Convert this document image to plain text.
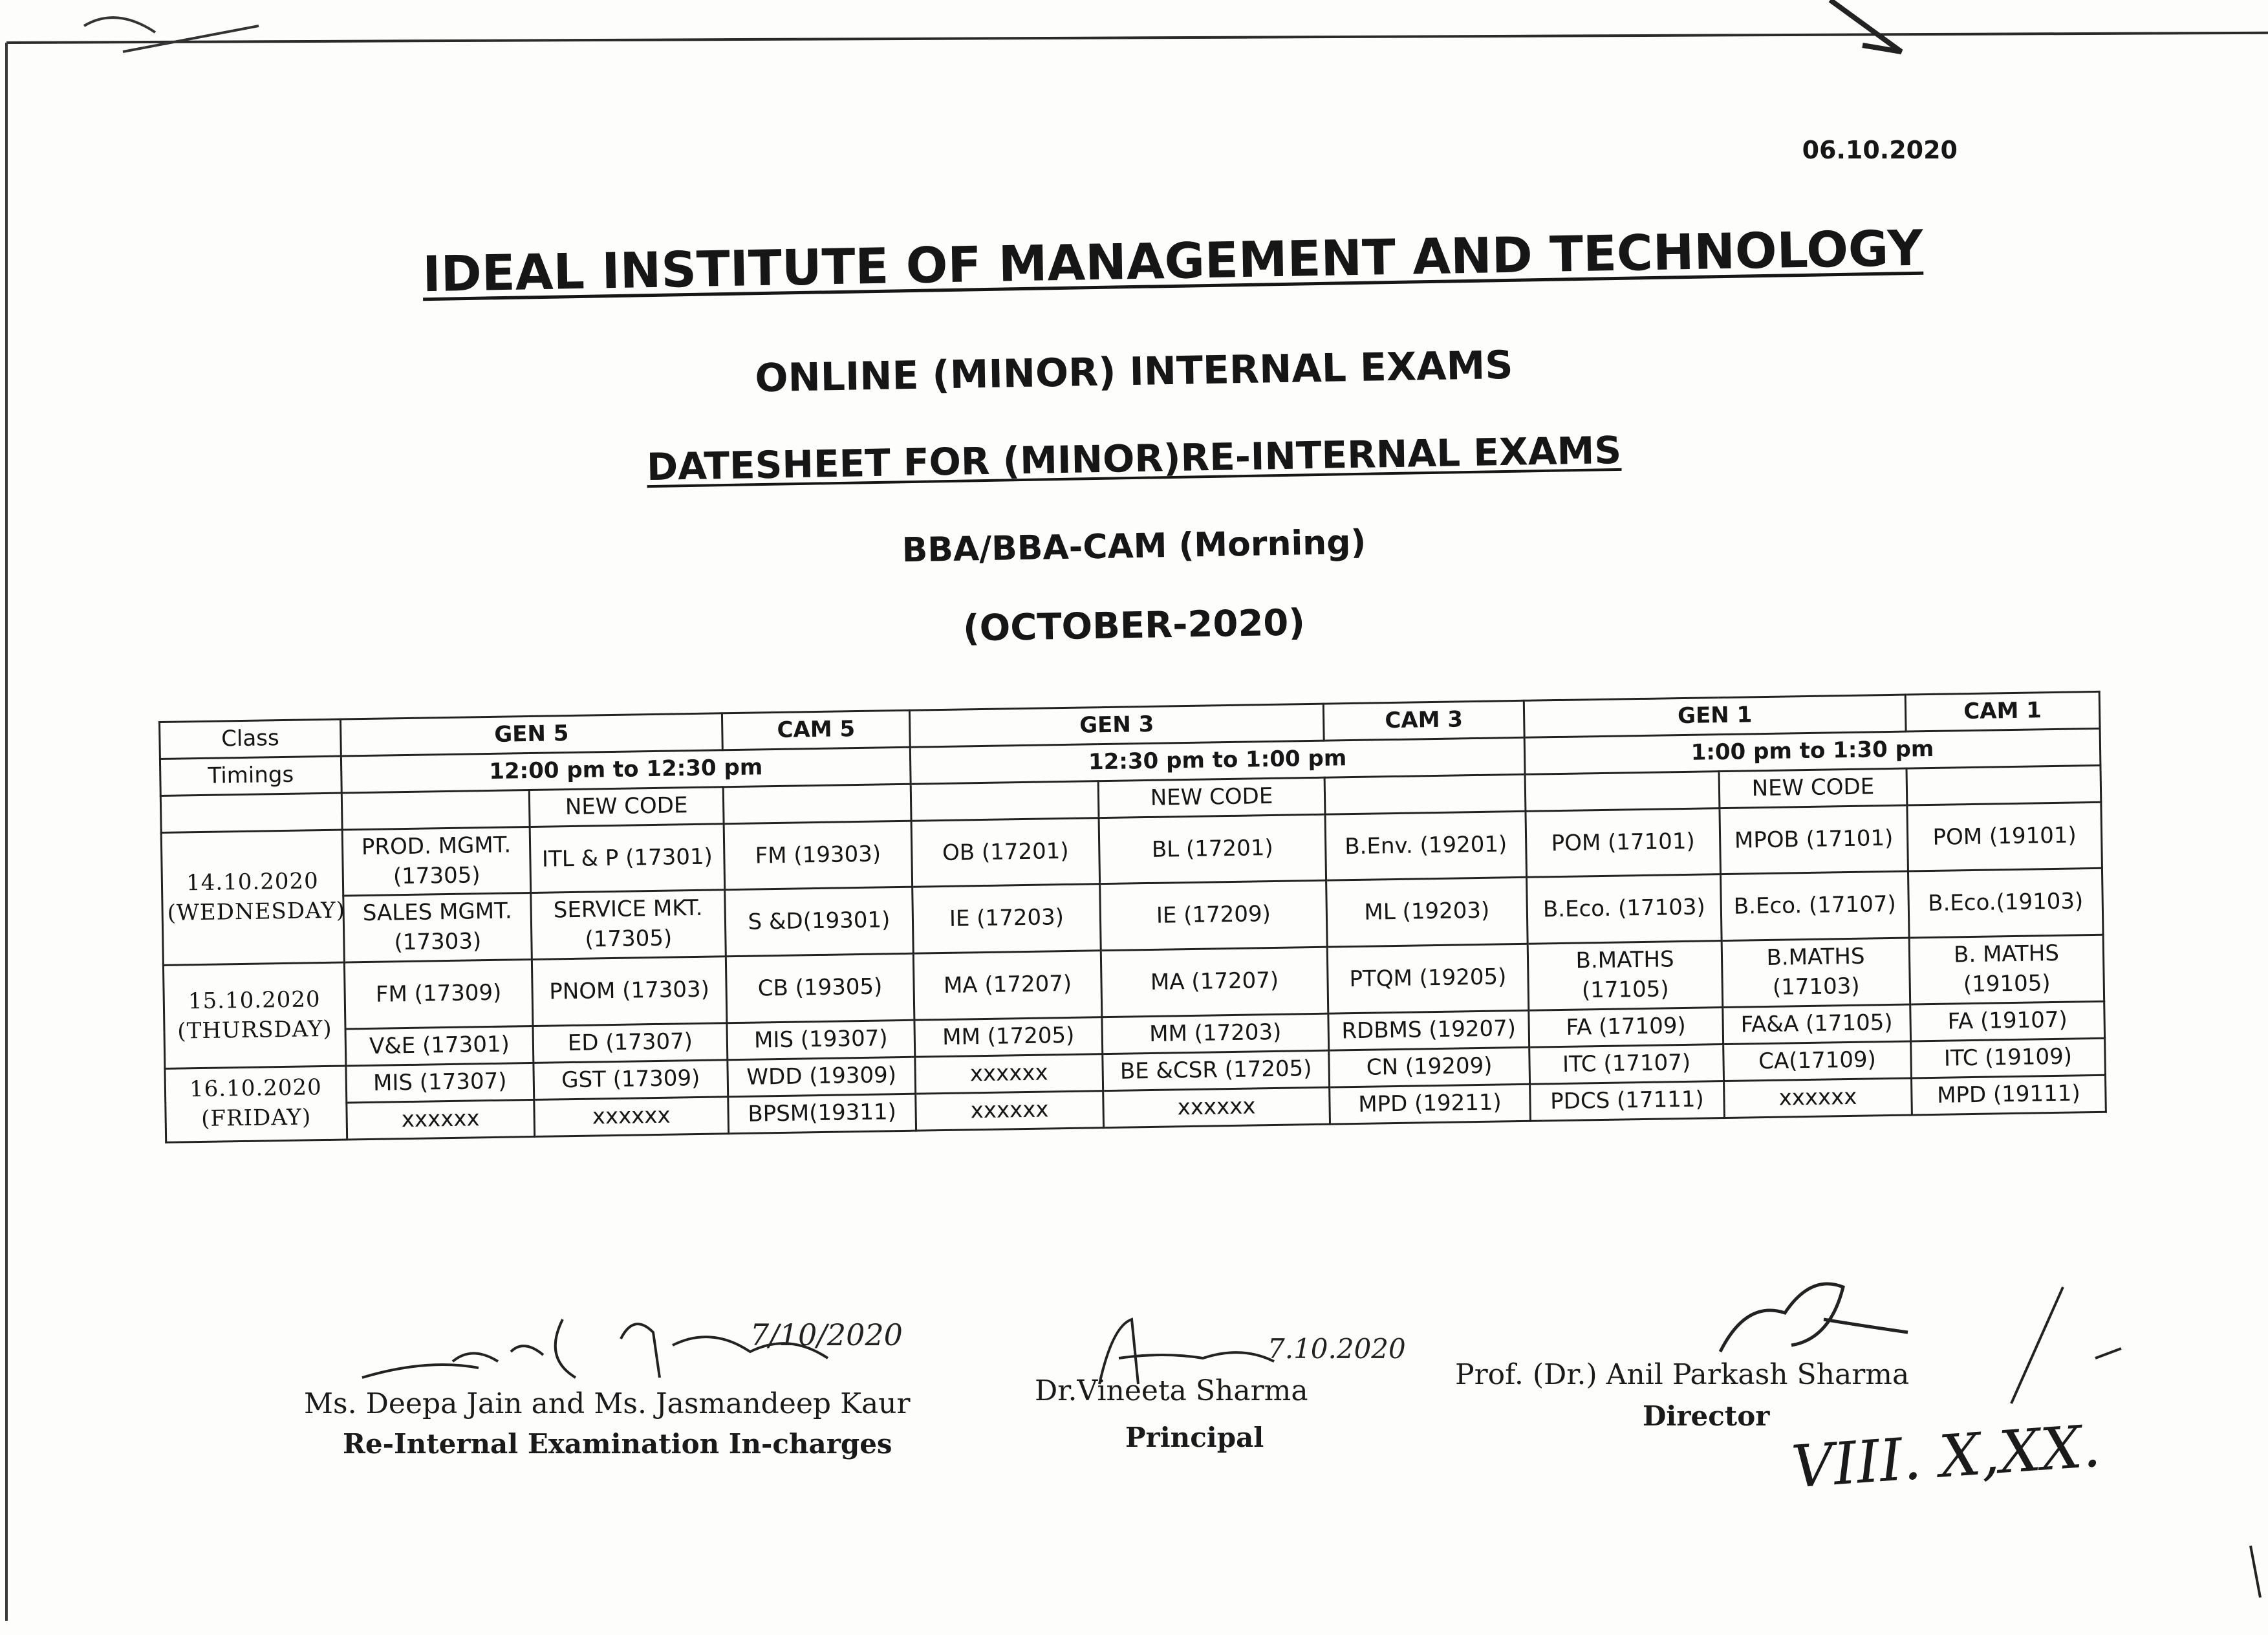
06.10.2020
IDEAL INSTITUTE OF MANAGEMENT AND TECHNOLOGY
ONLINE (MINOR) INTERNAL EXAMS
DATESHEET FOR (MINOR)RE-INTERNAL EXAMS
BBA/BBA-CAM (Morning)
(OCTOBER-2020)
Class	GEN 5		CAM 5	GEN 3		CAM 3	GEN 1		CAM 1
Timings	12:00 pm to 12:30 pm			12:30 pm to 1:00 pm			1:00 pm to 1:30 pm		
		NEW CODE			NEW CODE			NEW CODE	

14.10.2020
(WEDNESDAY)	PROD. MGMT. (17305)	ITL & P (17301)	FM (19303)	OB (17201)	BL (17201)	B.Env. (19201)	POM (17101)	MPOB (17101)	POM (19101)
	SALES MGMT. (17303)	SERVICE MKT. (17305)	S &D(19301)	IE (17203)	IE (17209)	ML (19203)	B.Eco. (17103)	B.Eco. (17107)	B.Eco.(19103)

15.10.2020
(THURSDAY)	FM (17309)	PNOM (17303)	CB (19305)	MA (17207)	MA (17207)	PTQM (19205)	B.MATHS (17105)	B.MATHS (17103)	B. MATHS (19105)
	V&E (17301)	ED (17307)	MIS (19307)	MM (17205)	MM (17203)	RDBMS (19207)	FA (17109)	FA&A (17105)	FA (19107)

16.10.2020
(FRIDAY)	MIS (17307)	GST (17309)	WDD (19309)	xxxxxx	BE &CSR (17205)	CN (19209)	ITC (17107)	CA(17109)	ITC (19109)
	xxxxxx	xxxxxx	BPSM(19311)	xxxxxx	xxxxxx	MPD (19211)	PDCS (17111)	xxxxxx	MPD (19111)
7/10/2020
Ms. Deepa Jain and Ms. Jasmandeep Kaur
Re-Internal Examination In-charges
7.10.2020
Dr.Vineeta Sharma
Principal
Prof. (Dr.) Anil Parkash Sharma
Director VIII. X,XX.
